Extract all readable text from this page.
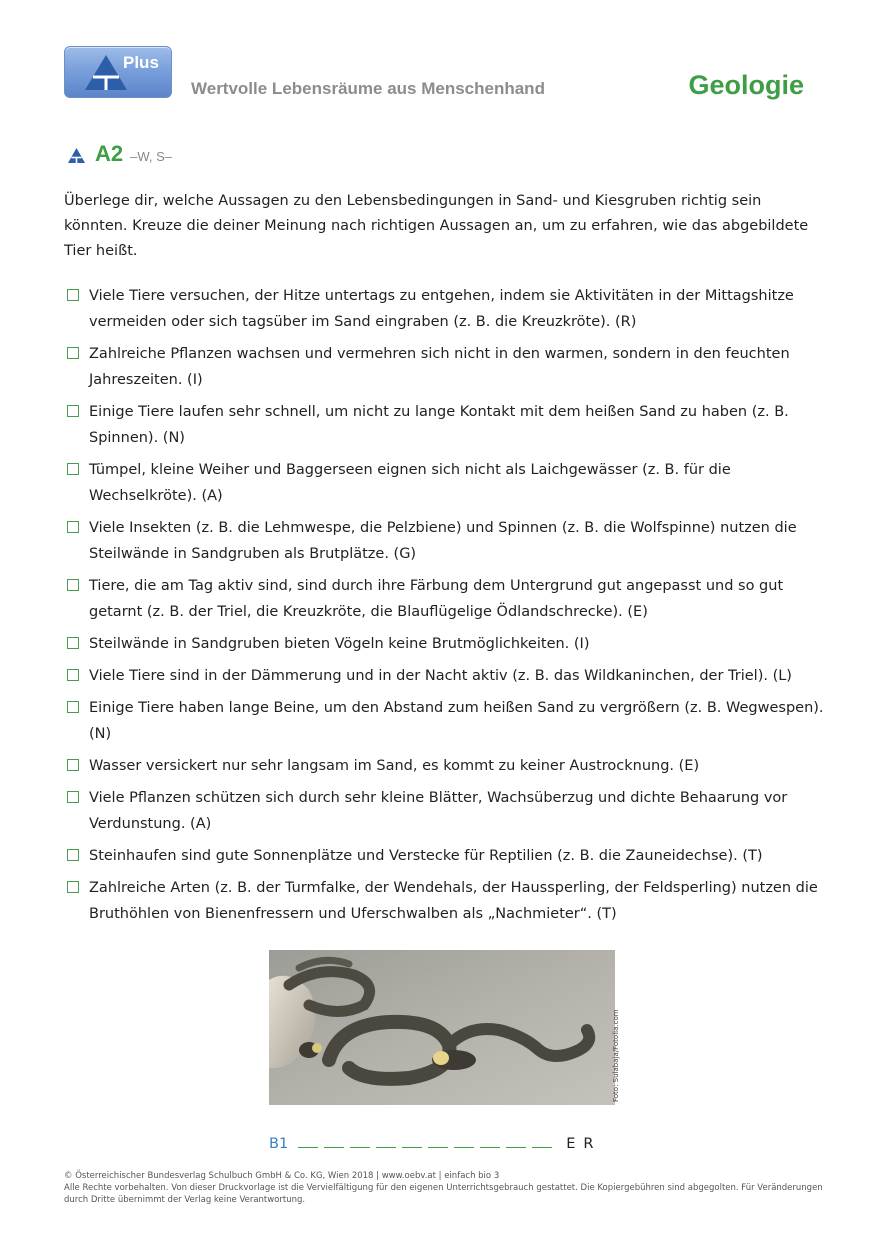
Plus
Wertvolle Lebensräume aus Menschenhand	Geologie
A2 –W, S–

Überlege dir, welche Aussagen zu den Lebensbedingungen in Sand- und Kiesgruben richtig sein könnten. Kreuze die deiner Meinung nach richtigen Aussagen an, um zu erfahren, wie das abgebildete Tier heißt.

Viele Tiere versuchen, der Hitze untertags zu entgehen, indem sie Aktivitäten in der Mittagshitze vermeiden oder sich tagsüber im Sand eingraben (z. B. die Kreuzkröte). (R)
Zahlreiche Pflanzen wachsen und vermehren sich nicht in den warmen, sondern in den feuchten Jahreszeiten. (I)
Einige Tiere laufen sehr schnell, um nicht zu lange Kontakt mit dem heißen Sand zu haben (z. B. Spinnen). (N)
Tümpel, kleine Weiher und Baggerseen eignen sich nicht als Laichgewässer (z. B. für die Wechselkröte). (A)
Viele Insekten (z. B. die Lehmwespe, die Pelzbiene) und Spinnen (z. B. die Wolfspinne) nutzen die Steilwände in Sandgruben als Brutplätze. (G)
Tiere, die am Tag aktiv sind, sind durch ihre Färbung dem Untergrund gut angepasst und so gut getarnt (z. B. der Triel, die Kreuzkröte, die Blauflügelige Ödlandschrecke). (E)
Steilwände in Sandgruben bieten Vögeln keine Brutmöglichkeiten. (I)
Viele Tiere sind in der Dämmerung und in der Nacht aktiv (z. B. das Wildkaninchen, der Triel). (L)
Einige Tiere haben lange Beine, um den Abstand zum heißen Sand zu vergrößern (z. B. Wegwespen). (N)
Wasser versickert nur sehr langsam im Sand, es kommt zu keiner Austrocknung. (E)
Viele Pflanzen schützen sich durch sehr kleine Blätter, Wachsüberzug und dichte Behaarung vor Verdunstung. (A)
Steinhaufen sind gute Sonnenplätze und Verstecke für Reptilien (z. B. die Zauneidechse). (T)
Zahlreiche Arten (z. B. der Turmfalke, der Wendehals, der Haussperling, der Feldsperling) nutzen die Bruthöhlen von Bienenfressern und Uferschwalben als „Nachmieter“. (T)
Foto: Sulabaja/Fotolia.com
B1	E R

© Österreichischer Bundesverlag Schulbuch GmbH & Co. KG, Wien 2018 | www.oebv.at | einfach bio 3

Alle Rechte vorbehalten. Von dieser Druckvorlage ist die Vervielfältigung für den eigenen Unterrichtsgebrauch gestattet. Die Kopiergebühren sind abgegolten. Für Veränderungen durch Dritte übernimmt der Verlag keine Verantwortung.
